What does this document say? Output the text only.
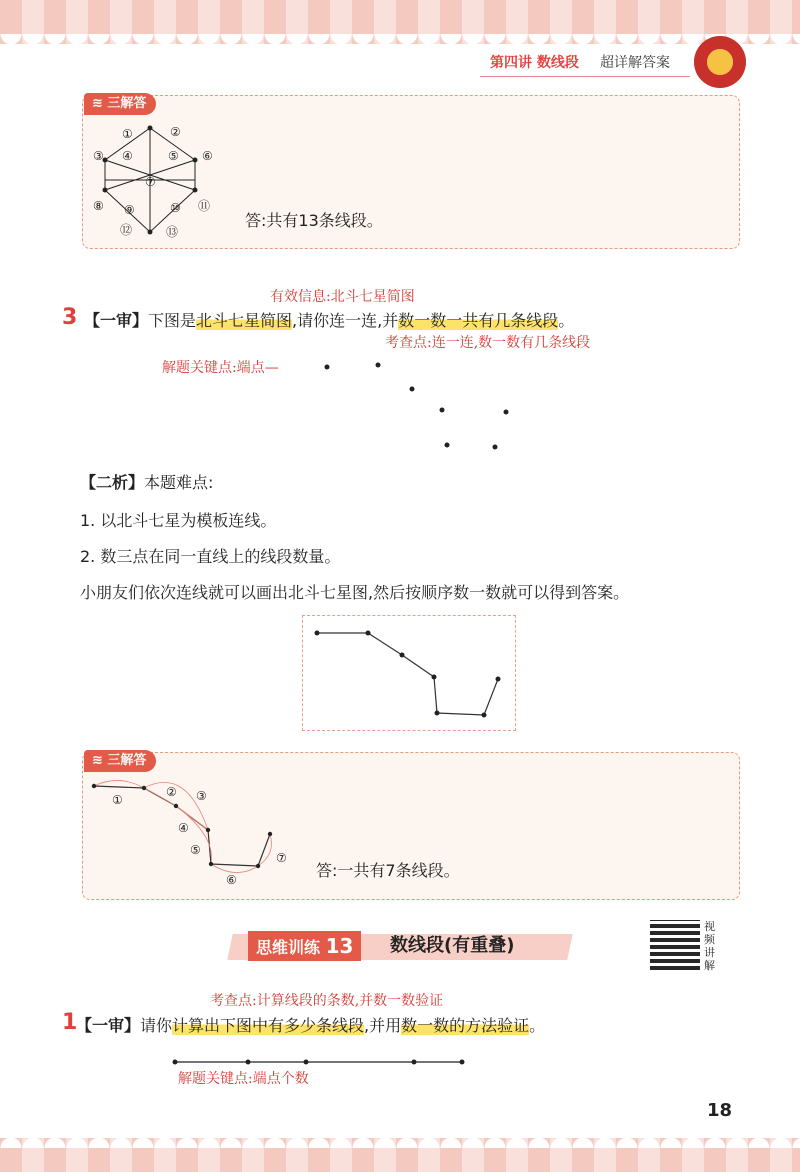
第四讲 数线段 超详解答案
≋ 三解答
①	②
③ ④	⑤ ⑥
⑦
⑧ ⑨	⑩ ⑪
⑫	⑬
答:共有13条线段。
有效信息:北斗七星简图
3 【一审】下图是北斗七星简图,请你连一连,并数一数一共有几条线段。
考查点:连一连,数一数有几条线段
解题关键点:端点—
【二析】本题难点:
1. 以北斗七星为模板连线。
2. 数三点在同一直线上的线段数量。
小朋友们依次连线就可以画出北斗七星图,然后按顺序数一数就可以得到答案。
≋ 三解答
①
② ③
④
⑤
⑥
⑦
答:一共有7条线段。
思维训练 13	数线段(有重叠)
视频讲解
考查点:计算线段的条数,并数一数验证
1
【一审】请你计算出下图中有多少条线段,并用数一数的方法验证。
解题关键点:端点个数
18
